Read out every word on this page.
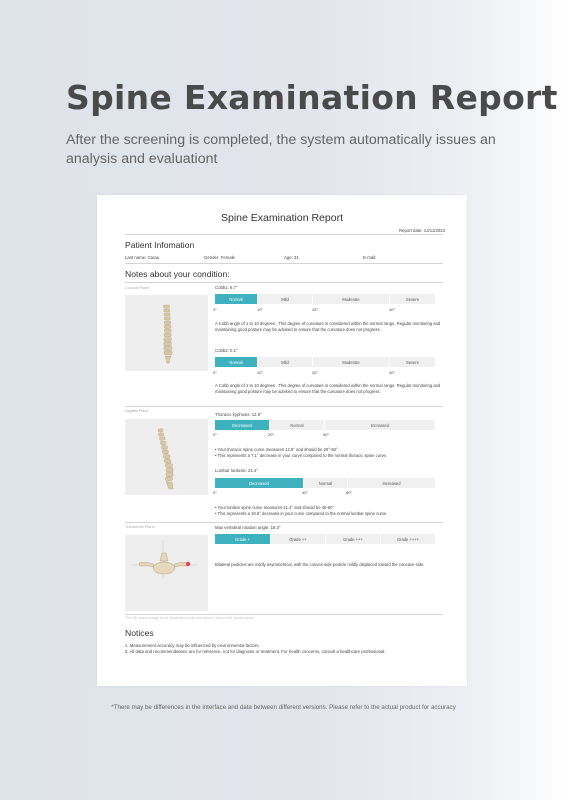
Spine Examination Report
After the screening is completed, the system automatically issues an analysis and evaluationt
Spine Examination Report
Report date: 13/11/2023
Patient Infomation
Last name: Carau	Gender: Female	Age: 31	E-mail:
Notes about your condition:
Coronal Plane	Cobb1: 6.7°
Normal	Mild	Moderate	Severe
0°	10°	25°	40°
A Cobb angle of 1 to 10 degrees . This degree of curvature is considered within the normal range. Regular monitoring and maintaining good posture may be advised to ensure that the curvature does not progress.
Cobb2: 0.1°
Normal	Mild	Moderate	Severe
0°	10°	25°	40°
A Cobb angle of 1 to 10 degrees . This degree of curvature is considered within the normal range. Regular monitoring and maintaining good posture may be advised to ensure that the curvature does not progress.
Sagittal Plane
Thoracic kyphosis: 12.9°
Decreased	Normal	Increased
0°	20°	50°
• Your thoracic spine curve measures 12.9° and should be 20°-50°
• This represents a 7.1° decrease in your curve compared to the normal thoracic spine curve.
Lumbar lordosis: 21.4°
Decreased	Normal	Increased
0°	40°	60°
• Your lumbar spine curve measures 21.4° and should be 40-60°
• This represents a 18.6° decrease in your curve compared to the normal lumbar spine curve.
Transverse Plane	Max vertebral rotation angle: 18.3°
Grade +	Grade ++	Grade +++	Grade ++++
Bilateral pedicles are mildly asymmetrical, with the convex-side pedicle mildly displaced toward the concave side.
The 3D spine image is for illustration only and doesn't depict the actual spine.
Notices
1. Measurement accuracy may be influenced by environmental factors.
2. All data and recommendations are for reference, not for diagnosis or treatment. For health concerns, consult a healthcare professional.
*There may be differences in the interface and data between different versions. Please refer to the actual product for accuracy
